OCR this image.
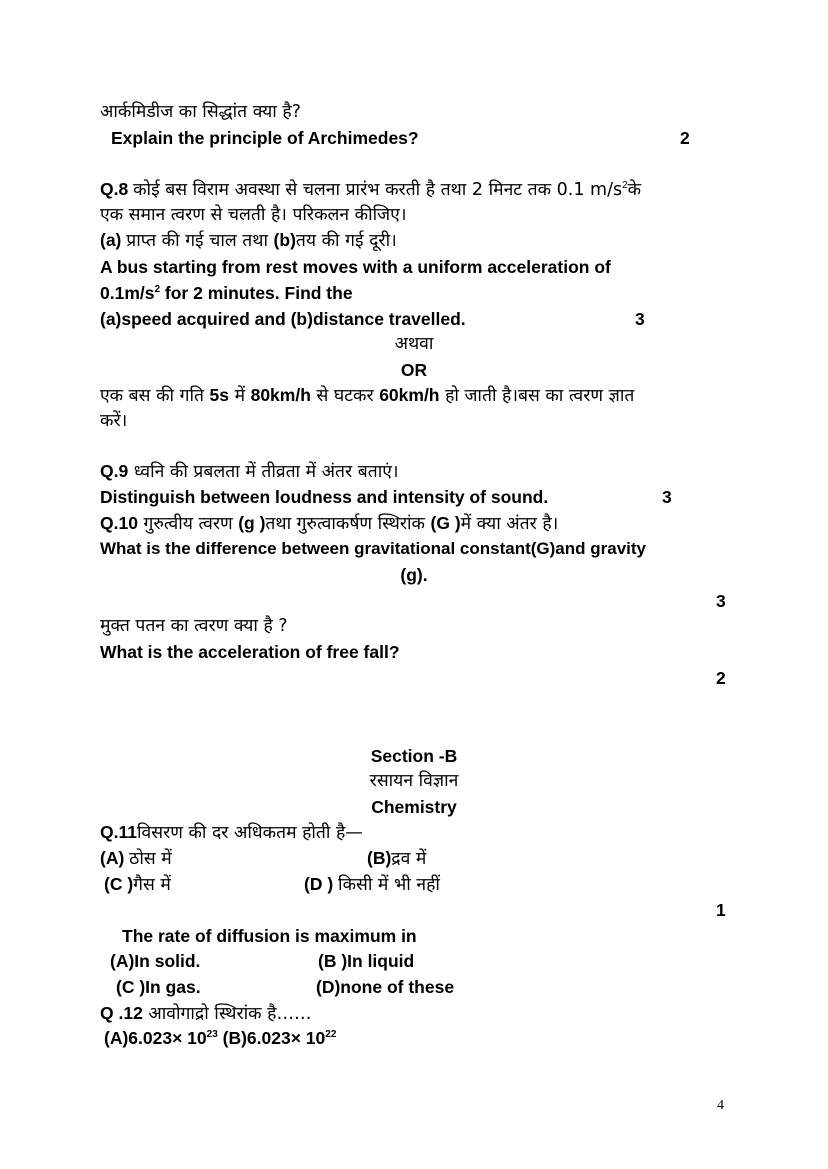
आर्कमिडीज का सिद्धांत क्या है?
Explain the principle of Archimedes?	2
Q.8 कोई बस विराम अवस्था से चलना प्रारंभ करती है तथा 2 मिनट तक 0.1 $m/s^2के$
एक समान त्वरण से चलती है। परिकलन कीजिए।
(a) प्राप्त की गई चाल तथा (b)तय की गई दूरी।
A bus starting from rest moves with a uniform acceleration of
$0.1m/s^2$ for 2 minutes. Find the
(a)speed acquired and (b)distance travelled.	3
अथवा
OR
एक बस की गति 5s में 80km/h से घटकर 60km/h हो जाती है।बस का त्वरण ज्ञात
करें।
Q.9 ध्वनि की प्रबलता में तीव्रता में अंतर बताएं।
Distinguish between loudness and intensity of sound.	3
Q.10 गुरुत्वीय त्वरण (g )तथा गुरुत्वाकर्षण स्थिरांक (G )में क्या अंतर है।
What is the difference between gravitational constant(G)and gravity
(g).
3
मुक्त पतन का त्वरण क्या है ?
What is the acceleration of free fall?
2
Section -B
रसायन विज्ञान
Chemistry
Q.11विसरण की दर अधिकतम होती है—
(A) ठोस में	(B)द्रव में
(C )गैस में	(D ) किसी में भी नहीं
1
The rate of diffusion is maximum in
(A)In solid.	(B )In liquid
(C )In gas.	(D)none of these
Q .12 आवोगाद्रो स्थिरांक है……
$(A)6.023\times 10^{23}$ $(B)6.023\times 10^{22}$
4
